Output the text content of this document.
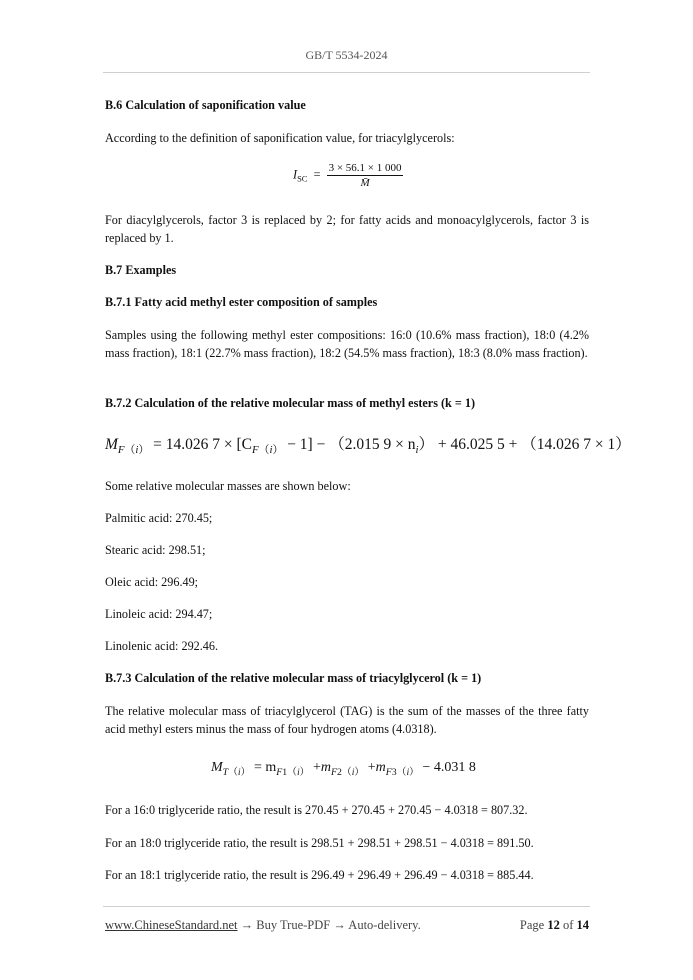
GB/T 5534-2024
B.6 Calculation of saponification value
According to the definition of saponification value, for triacylglycerols:
$I_{SC} = \frac{3 \times 56.1 \times 1 000}{M̄}$
For diacylglycerols, factor 3 is replaced by 2; for fatty acids and monoacylglycerols, factor 3 is replaced by 1.
B.7 Examples
B.7.1 Fatty acid methyl ester composition of samples
Samples using the following methyl ester compositions: 16:0 (10.6% mass fraction), 18:0 (4.2% mass fraction), 18:1 (22.7% mass fraction), 18:2 (54.5% mass fraction), 18:3 (8.0% mass fraction).
B.7.2 Calculation of the relative molecular mass of methyl esters (k = 1)
$M_{F(i)} = 14.026$ $7 \times [C_{F(i)} - 1] - (2.015$ $9 \times n_i) + 46.025$ 5 + （14.026 7 × 1）
Some relative molecular masses are shown below:
Palmitic acid: 270.45;
Stearic acid: 298.51;
Oleic acid: 296.49;
Linoleic acid: 294.47;
Linolenic acid: 292.46.
B.7.3 Calculation of the relative molecular mass of triacylglycerol (k = 1)
The relative molecular mass of triacylglycerol (TAG) is the sum of the masses of the three fatty acid methyl esters minus the mass of four hydrogen atoms (4.0318).
$M_{T(i)} = m_{F1(i)} +m_{F2(i)} +m_{F3(i)} - 4.031$ 8
For a 16:0 triglyceride ratio, the result is 270.45 + 270.45 + 270.45 − 4.0318 = 807.32.
For an 18:0 triglyceride ratio, the result is 298.51 + 298.51 + 298.51 − 4.0318 = 891.50.
For an 18:1 triglyceride ratio, the result is 296.49 + 296.49 + 296.49 − 4.0318 = 885.44.
www.ChineseStandard.net → Buy True-PDF → Auto-delivery.	Page 12 of 14
